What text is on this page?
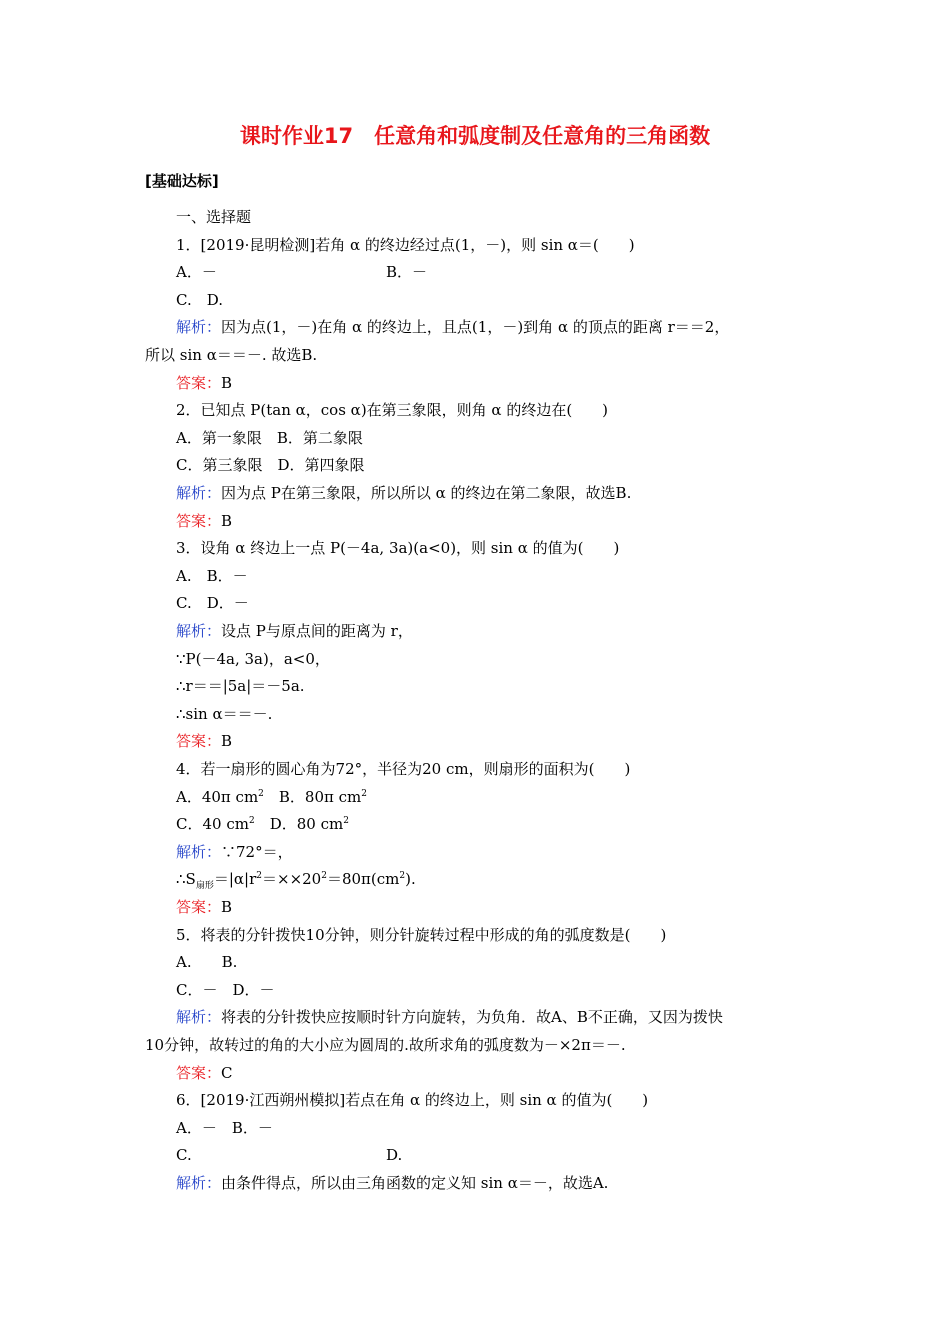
课时作业17　任意角和弧度制及任意角的三角函数
[基础达标]
一、选择题
1．[2019·昆明检测]若角 α 的终边经过点(1，－)，则 sin α＝(　　)
A．－	B．－
C.　D.
解析：因为点(1，－)在角 α 的终边上，且点(1，－)到角 α 的顶点的距离 r＝＝2，
所以 sin α＝＝－. 故选B.
答案：B
2．已知点 P(tan α，cos α)在第三象限，则角 α 的终边在(　　)
A．第一象限　B．第二象限
C．第三象限　D．第四象限
解析：因为点 P在第三象限，所以所以 α 的终边在第二象限，故选B.
答案：B
3．设角 α 终边上一点 P(－4a, 3a)(a<0)，则 sin α 的值为(　　)
A.　B．－
C.　D．－
解析：设点 P与原点间的距离为 r，
∵P(－4a, 3a)，a<0，
∴r＝＝|5a|＝－5a.
∴sin α＝＝－.
答案：B
4．若一扇形的圆心角为72°，半径为20 cm，则扇形的面积为(　　)
A．40π $cm^2$　B．80π $cm^2$
C．40 $cm^2$　D．80 $cm^2$
解析：∵72°＝，
$\therefore S_{扇形}=|\alpha|r^2=\times\times 20^2=80\pi(cm^2)$.
答案：B
5．将表的分针拨快10分钟，则分针旋转过程中形成的角的弧度数是(　　)
A.　　B.
C．－　D．－
解析：将表的分针拨快应按顺时针方向旋转，为负角．故A、B不正确，又因为拨快
10分钟，故转过的角的大小应为圆周的.故所求角的弧度数为－×2π＝－.
答案：C
6．[2019·江西朔州模拟]若点在角 α 的终边上，则 sin α 的值为(　　)
A．－　B．－
C.	D.
解析：由条件得点，所以由三角函数的定义知 sin α＝－，故选A.
